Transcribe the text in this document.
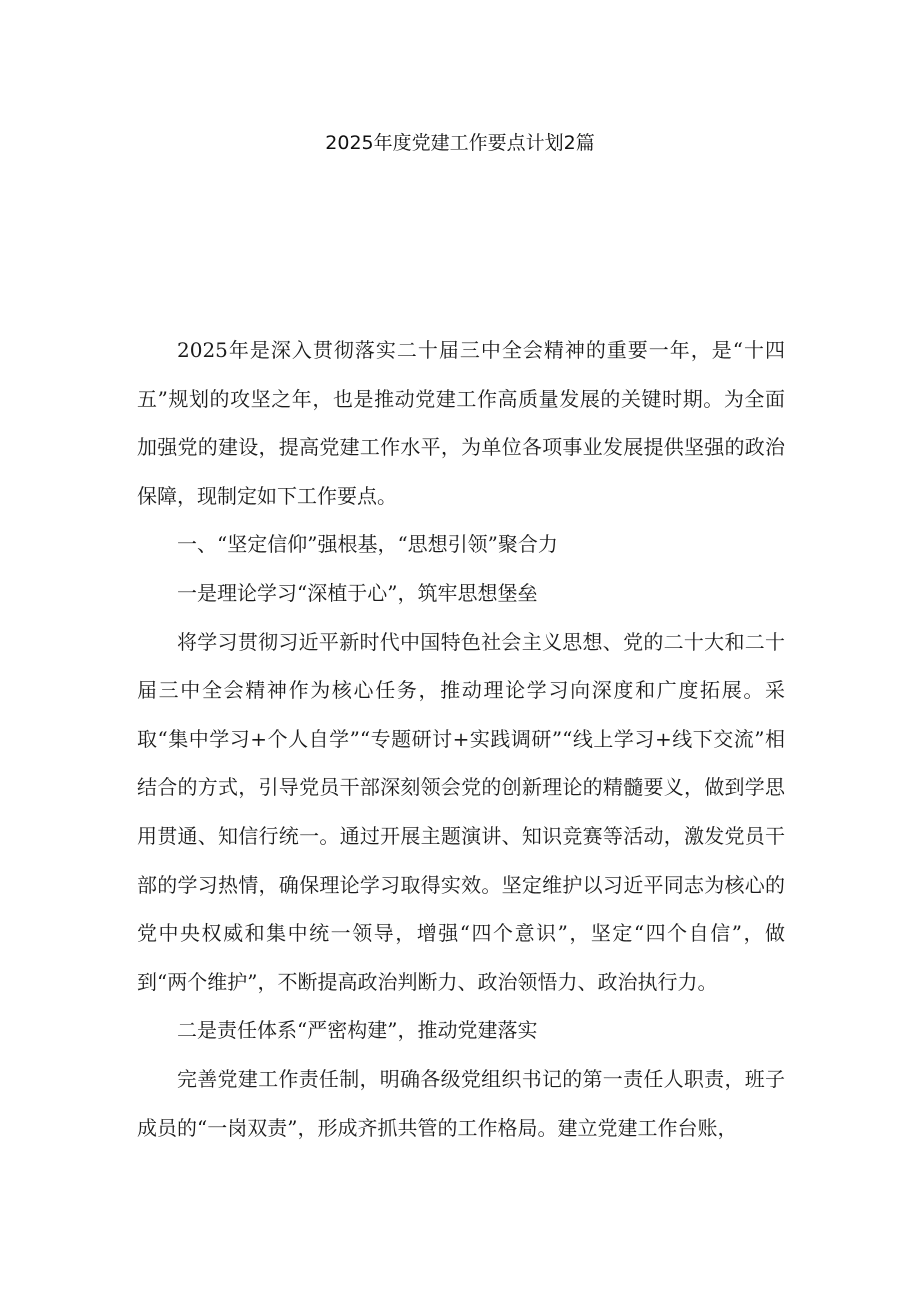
2025年度党建工作要点计划2篇

2025年是深入贯彻落实二十届三中全会精神的重要一年，是“十四五”规划的攻坚之年，也是推动党建工作高质量发展的关键时期。为全面加强党的建设，提高党建工作水平，为单位各项事业发展提供坚强的政治保障，现制定如下工作要点。

一、“坚定信仰”强根基，“思想引领”聚合力

一是理论学习“深植于心”，筑牢思想堡垒

将学习贯彻习近平新时代中国特色社会主义思想、党的二十大和二十届三中全会精神作为核心任务，推动理论学习向深度和广度拓展。采取“集中学习+个人自学”“专题研讨+实践调研”“线上学习+线下交流”相结合的方式，引导党员干部深刻领会党的创新理论的精髓要义，做到学思用贯通、知信行统一。通过开展主题演讲、知识竞赛等活动，激发党员干部的学习热情，确保理论学习取得实效。坚定维护以习近平同志为核心的党中央权威和集中统一领导，增强“四个意识”，坚定“四个自信”，做到“两个维护”，不断提高政治判断力、政治领悟力、政治执行力。

二是责任体系“严密构建”，推动党建落实

完善党建工作责任制，明确各级党组织书记的第一责任人职责，班子成员的“一岗双责”，形成齐抓共管的工作格局。建立党建工作台账，
